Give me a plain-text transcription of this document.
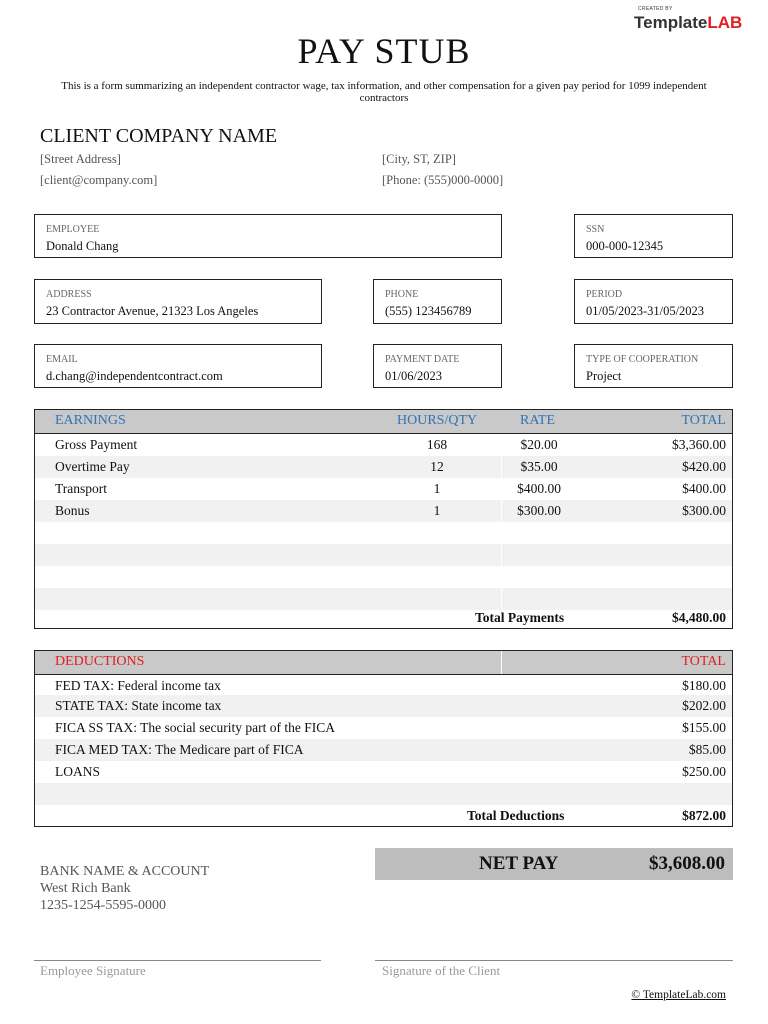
CREATED BY
TemplateLAB
PAY STUB
This is a form summarizing an independent contractor wage, tax information, and other compensation for a given pay period for 1099 independent contractors
CLIENT COMPANY NAME
[Street Address]	[City, ST, ZIP]
[client@company.com]	[Phone: (555)000-0000]
EMPLOYEE
Donald Chang
SSN
000-000-12345
ADDRESS
23 Contractor Avenue, 21323 Los Angeles
PHONE
(555) 123456789
PERIOD
01/05/2023-31/05/2023
EMAIL
d.chang@independentcontract.com
PAYMENT DATE
01/06/2023
TYPE OF COOPERATION
Project
EARNINGS	HOURS/QTY	RATE	TOTAL
Gross Payment	168	$20.00	$3,360.00
Overtime Pay	12	$35.00	$420.00
Transport	1	$400.00	$400.00
Bonus	1	$300.00	$300.00
Total Payments	$4,480.00
DEDUCTIONS	TOTAL
FED TAX: Federal income tax	$180.00
STATE TAX: State income tax	$202.00
FICA SS TAX: The social security part of the FICA	$155.00
FICA MED TAX: The Medicare part of FICA	$85.00
LOANS	$250.00
Total Deductions	$872.00
NET PAY	$3,608.00
BANK NAME & ACCOUNT
West Rich Bank
1235-1254-5595-0000
Employee Signature	Signature of the Client
© TemplateLab.com
